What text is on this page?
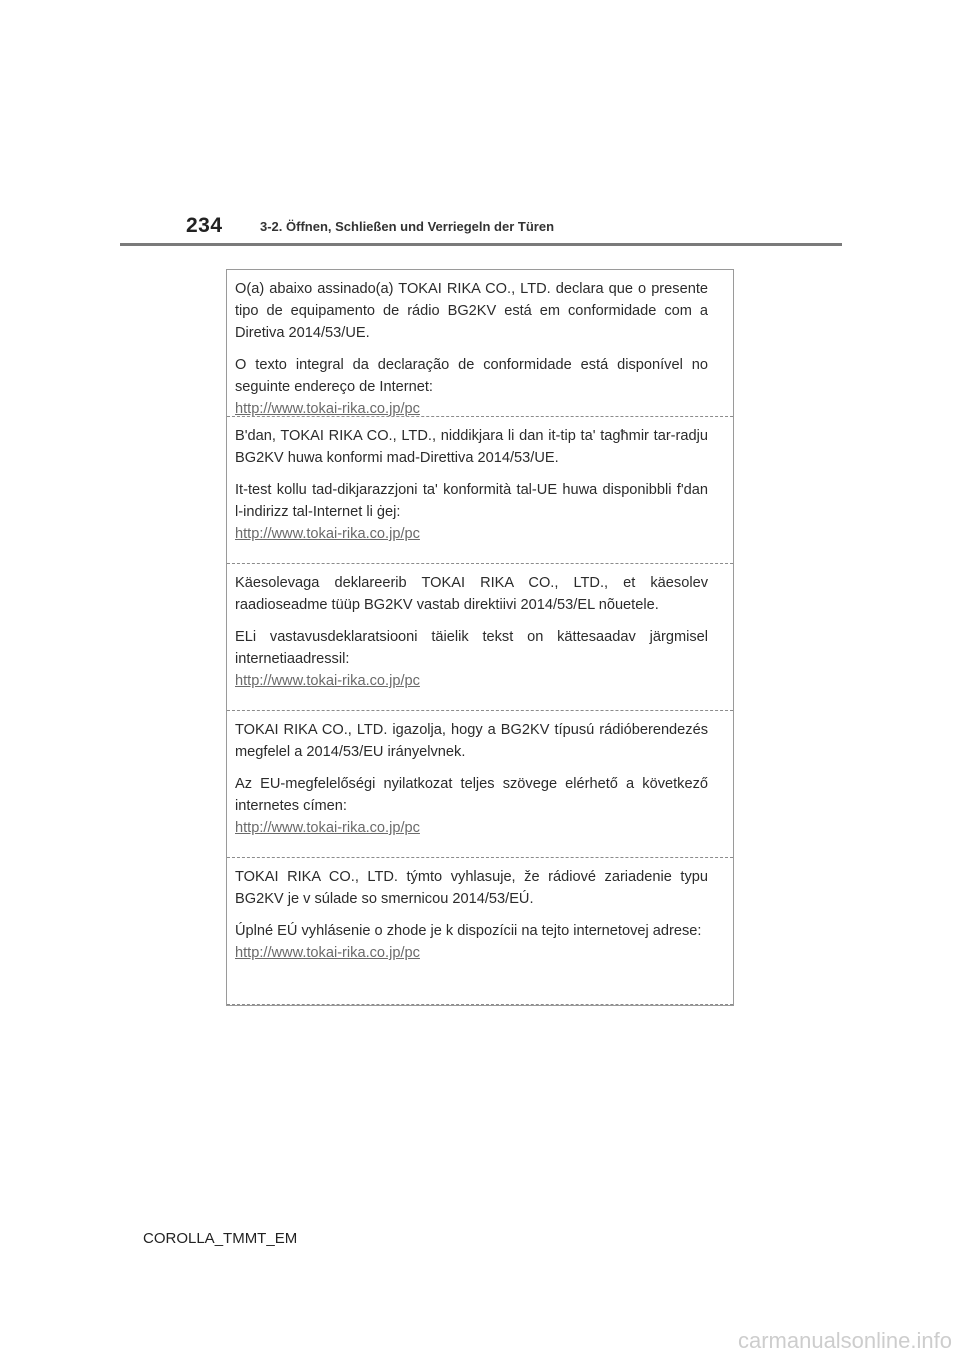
234	3-2. Öffnen, Schließen und Verriegeln der Türen

O(a) abaixo assinado(a) TOKAI RIKA CO., LTD. declara que o presente tipo de equipamento de rádio BG2KV está em conformidade com a Diretiva 2014/53/UE.

O texto integral da declaração de conformidade está disponível no seguinte endereço de Internet:

http://www.tokai-rika.co.jp/pc

B'dan, TOKAI RIKA CO., LTD., niddikjara li dan it-tip ta' tagħmir tar-radju BG2KV huwa konformi mad-Direttiva 2014/53/UE.

It-test kollu tad-dikjarazzjoni ta' konformità tal-UE huwa disponibbli f'dan l-indirizz tal-Internet li ġej:

http://www.tokai-rika.co.jp/pc

Käesolevaga deklareerib TOKAI RIKA CO., LTD., et käesolev raadioseadme tüüp BG2KV vastab direktiivi 2014/53/EL nõuetele.

ELi vastavusdeklaratsiooni täielik tekst on kättesaadav järgmisel internetiaadressil:

http://www.tokai-rika.co.jp/pc

TOKAI RIKA CO., LTD. igazolja, hogy a BG2KV típusú rádióberendezés megfelel a 2014/53/EU irányelvnek.

Az EU-megfelelőségi nyilatkozat teljes szövege elérhető a következő internetes címen:

http://www.tokai-rika.co.jp/pc

TOKAI RIKA CO., LTD. týmto vyhlasuje, že rádiové zariadenie typu BG2KV je v súlade so smernicou 2014/53/EÚ.

Úplné EÚ vyhlásenie o zhode je k dispozícii na tejto internetovej adrese:

http://www.tokai-rika.co.jp/pc
COROLLA_TMMT_EM
carmanualsonline.info
